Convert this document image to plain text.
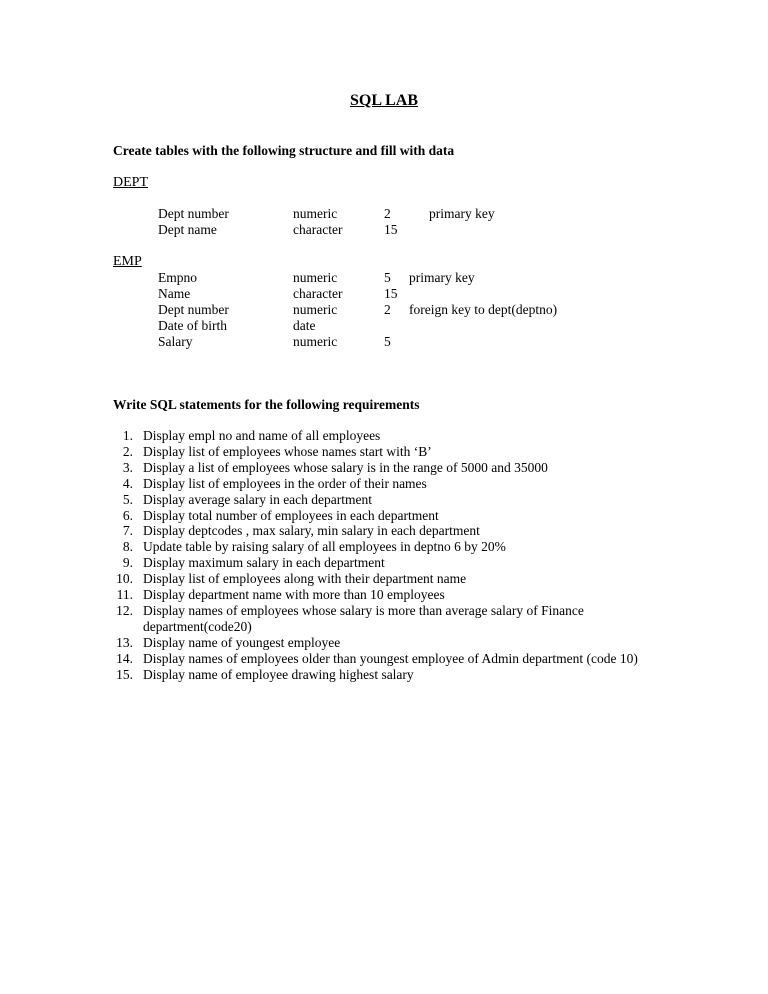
SQL LAB
Create tables with the following structure and fill with data
DEPT
Dept number	numeric	2	primary key
Dept name	character	15
EMP
Empno	numeric	5 primary key
Name	character	15
Dept number	numeric	2 foreign key to dept(deptno)
Date of birth	date
Salary	numeric	5
Write SQL statements for the following requirements
1. Display empl no and name of all employees
2. Display list of employees whose names start with ‘B’
3. Display a list of employees whose salary is in the range of 5000 and 35000
4. Display list of employees in the order of their names
5. Display average salary in each department
6. Display total number of employees in each department
7. Display deptcodes , max salary, min salary in each department
8. Update table by raising salary of all employees in deptno 6 by 20%
9. Display maximum salary in each department
10. Display list of employees along with their department name
11. Display department name with more than 10 employees
12. Display names of employees whose salary is more than average salary of Finance department(code20)
13. Display name of youngest employee
14. Display names of employees older than youngest employee of Admin department (code 10)
15. Display name of employee drawing highest salary
